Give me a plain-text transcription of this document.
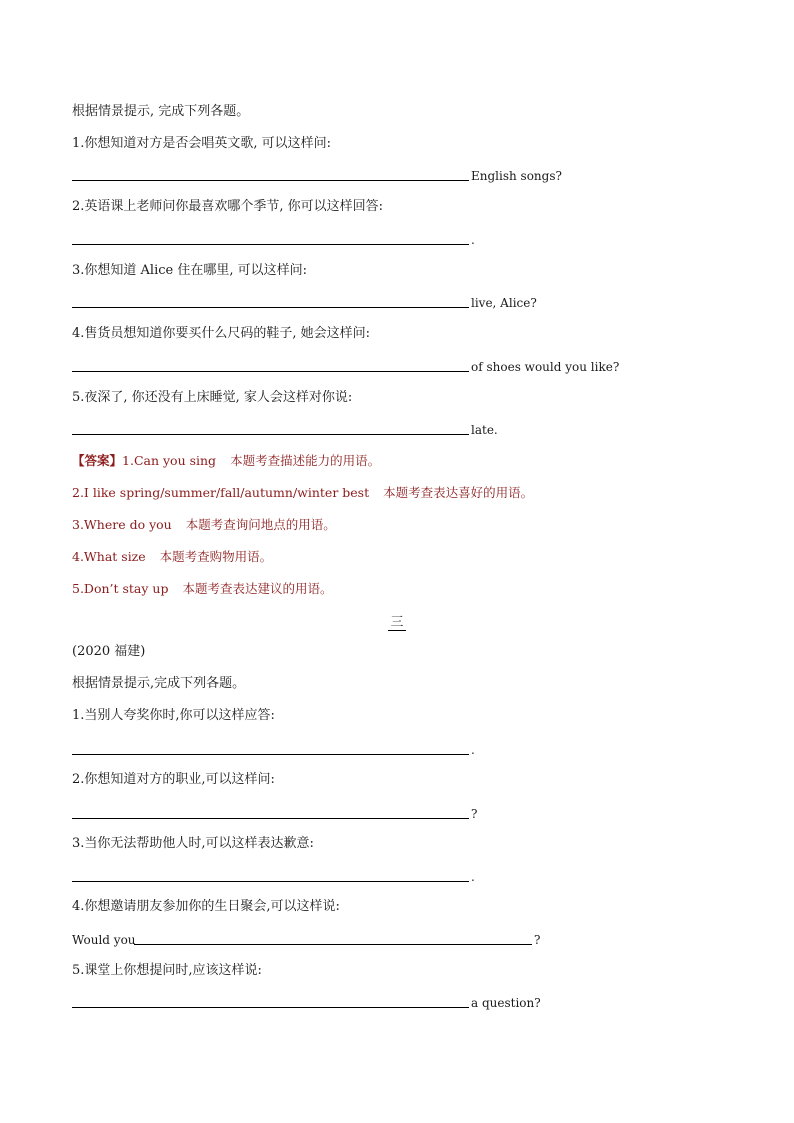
根据情景提示, 完成下列各题。
1.你想知道对方是否会唱英文歌, 可以这样问:
English songs?
2.英语课上老师问你最喜欢哪个季节, 你可以这样回答:
.
3.你想知道 Alice 住在哪里, 可以这样问:
live, Alice?
4.售货员想知道你要买什么尺码的鞋子, 她会这样问:
of shoes would you like?
5.夜深了, 你还没有上床睡觉, 家人会这样对你说:
late.
【答案】1.Can you sing 本题考查描述能力的用语。
2.I like spring/summer/fall/autumn/winter best 本题考查表达喜好的用语。
3.Where do you 本题考查询问地点的用语。
4.What size 本题考查购物用语。
5.Don’t stay up 本题考查表达建议的用语。
三
(2020 福建)
根据情景提示,完成下列各题。
1.当别人夸奖你时,你可以这样应答:
.
2.你想知道对方的职业,可以这样问:
?
3.当你无法帮助他人时,可以这样表达歉意:
.
4.你想邀请朋友参加你的生日聚会,可以这样说:
Would you	?
5.课堂上你想提问时,应该这样说:
a question?
